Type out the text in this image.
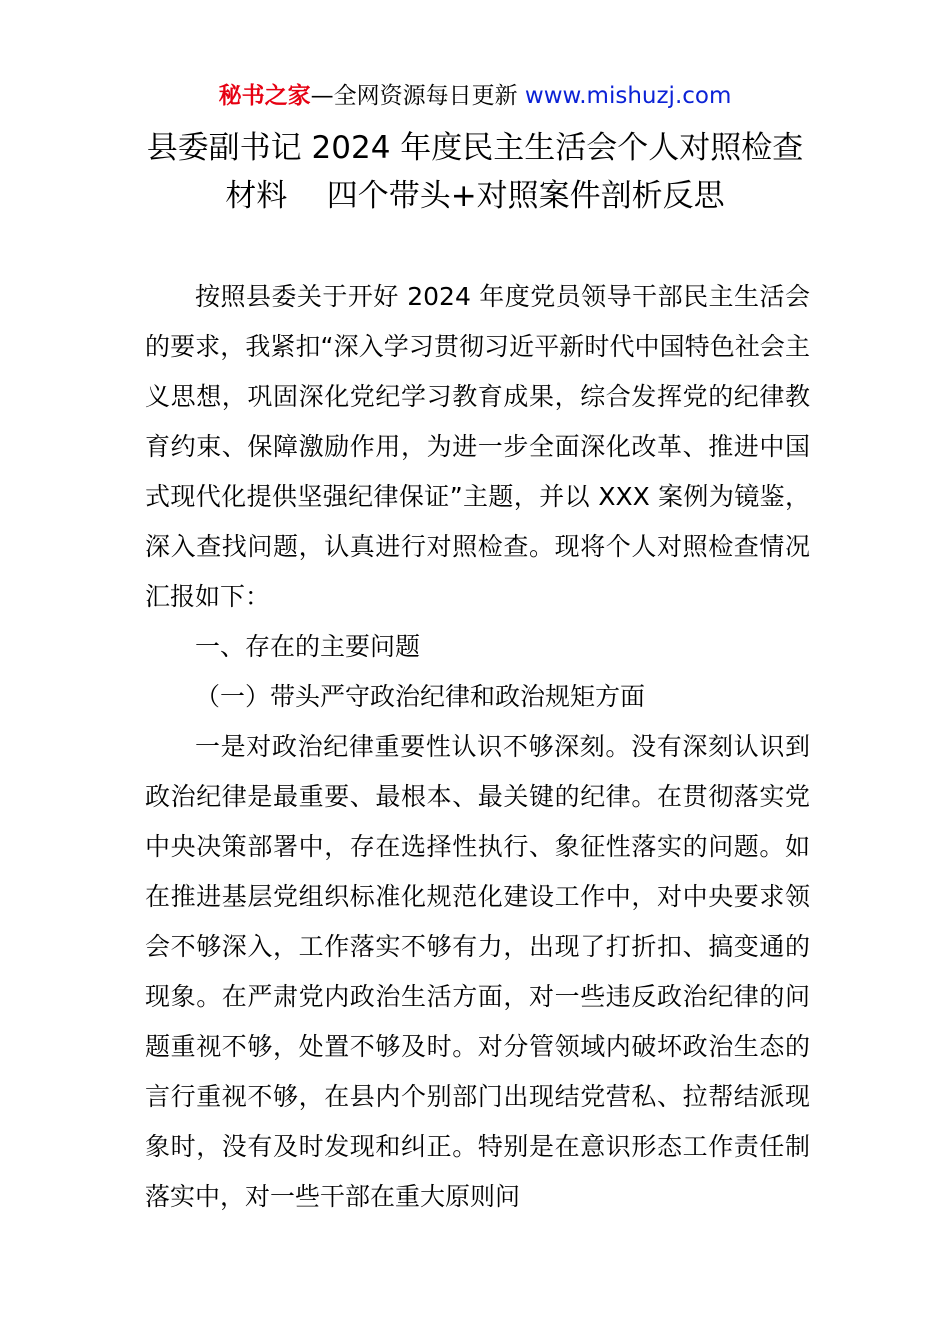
秘书之家—全网资源每日更新 www.mishuzj.com
县委副书记 2024 年度民主生活会个人对照检查
材料    四个带头+对照案件剖析反思

按照县委关于开好 2024 年度党员领导干部民主生活会的要求，我紧扣“深入学习贯彻习近平新时代中国特色社会主义思想，巩固深化党纪学习教育成果，综合发挥党的纪律教育约束、保障激励作用，为进一步全面深化改革、推进中国式现代化提供坚强纪律保证”主题，并以 XXX 案例为镜鉴，深入查找问题，认真进行对照检查。现将个人对照检查情况汇报如下：

一、存在的主要问题

（一）带头严守政治纪律和政治规矩方面

一是对政治纪律重要性认识不够深刻。没有深刻认识到政治纪律是最重要、最根本、最关键的纪律。在贯彻落实党中央决策部署中，存在选择性执行、象征性落实的问题。如在推进基层党组织标准化规范化建设工作中，对中央要求领会不够深入，工作落实不够有力，出现了打折扣、搞变通的现象。在严肃党内政治生活方面，对一些违反政治纪律的问题重视不够，处置不够及时。对分管领域内破坏政治生态的言行重视不够，在县内个别部门出现结党营私、拉帮结派现象时，没有及时发现和纠正。特别是在意识形态工作责任制落实中，对一些干部在重大原则问
